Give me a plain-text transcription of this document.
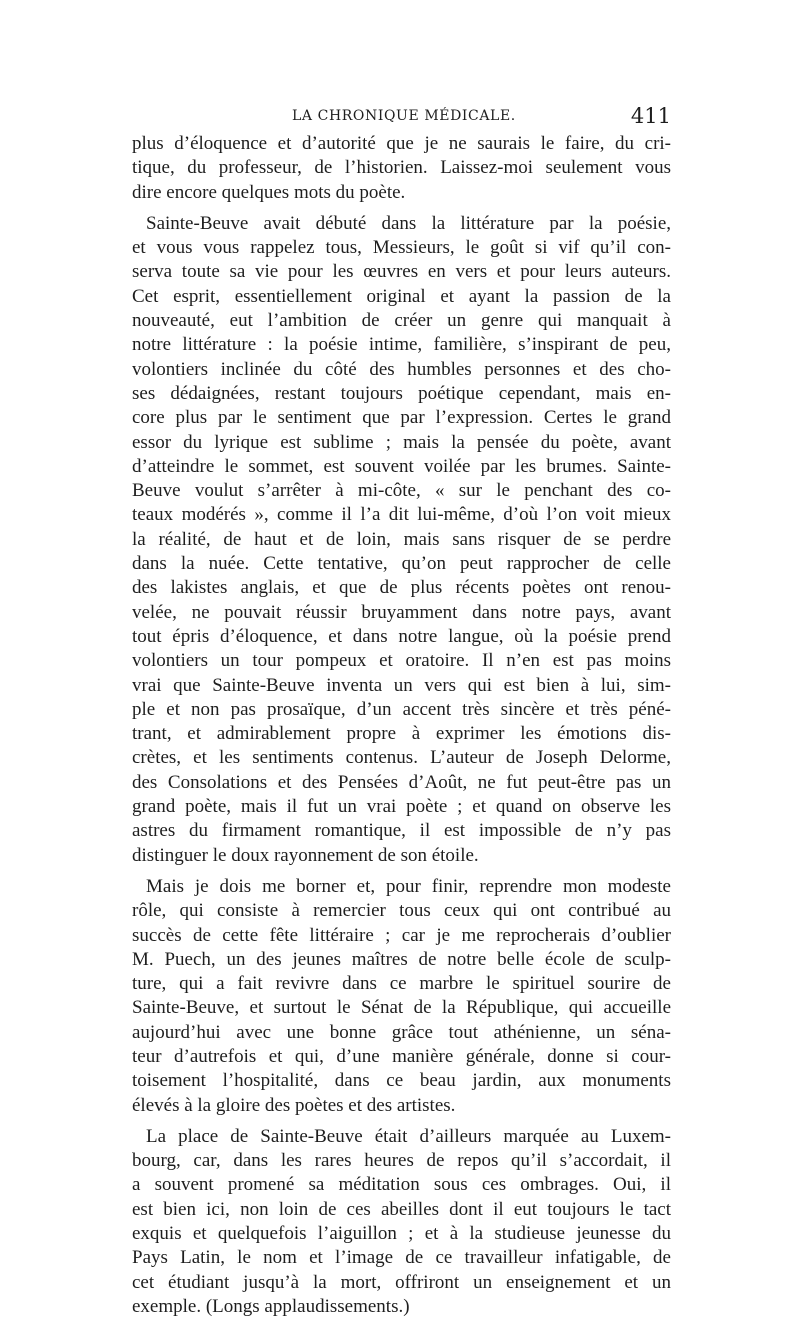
LA CHRONIQUE MÉDICALE.	411
plus d’éloquence et d’autorité que je ne saurais le faire, du cri-
tique, du professeur, de l’historien. Laissez-moi seulement vous
dire encore quelques mots du poète.
Sainte-Beuve avait débuté dans la littérature par la poésie,
et vous vous rappelez tous, Messieurs, le goût si vif qu’il con-
serva toute sa vie pour les œuvres en vers et pour leurs auteurs.
Cet esprit, essentiellement original et ayant la passion de la
nouveauté, eut l’ambition de créer un genre qui manquait à
notre littérature : la poésie intime, familière, s’inspirant de peu,
volontiers inclinée du côté des humbles personnes et des cho-
ses dédaignées, restant toujours poétique cependant, mais en-
core plus par le sentiment que par l’expression. Certes le grand
essor du lyrique est sublime ; mais la pensée du poète, avant
d’atteindre le sommet, est souvent voilée par les brumes. Sainte-
Beuve voulut s’arrêter à mi-côte, « sur le penchant des co-
teaux modérés », comme il l’a dit lui-même, d’où l’on voit mieux
la réalité, de haut et de loin, mais sans risquer de se perdre
dans la nuée. Cette tentative, qu’on peut rapprocher de celle
des lakistes anglais, et que de plus récents poètes ont renou-
velée, ne pouvait réussir bruyamment dans notre pays, avant
tout épris d’éloquence, et dans notre langue, où la poésie prend
volontiers un tour pompeux et oratoire. Il n’en est pas moins
vrai que Sainte-Beuve inventa un vers qui est bien à lui, sim-
ple et non pas prosaïque, d’un accent très sincère et très péné-
trant, et admirablement propre à exprimer les émotions dis-
crètes, et les sentiments contenus. L’auteur de Joseph Delorme,
des Consolations et des Pensées d’Août, ne fut peut-être pas un
grand poète, mais il fut un vrai poète ; et quand on observe les
astres du firmament romantique, il est impossible de n’y pas
distinguer le doux rayonnement de son étoile.
Mais je dois me borner et, pour finir, reprendre mon modeste
rôle, qui consiste à remercier tous ceux qui ont contribué au
succès de cette fête littéraire ; car je me reprocherais d’oublier
M. Puech, un des jeunes maîtres de notre belle école de sculp-
ture, qui a fait revivre dans ce marbre le spirituel sourire de
Sainte-Beuve, et surtout le Sénat de la République, qui accueille
aujourd’hui avec une bonne grâce tout athénienne, un séna-
teur d’autrefois et qui, d’une manière générale, donne si cour-
toisement l’hospitalité, dans ce beau jardin, aux monuments
élevés à la gloire des poètes et des artistes.
La place de Sainte-Beuve était d’ailleurs marquée au Luxem-
bourg, car, dans les rares heures de repos qu’il s’accordait, il
a souvent promené sa méditation sous ces ombrages. Oui, il
est bien ici, non loin de ces abeilles dont il eut toujours le tact
exquis et quelquefois l’aiguillon ; et à la studieuse jeunesse du
Pays Latin, le nom et l’image de ce travailleur infatigable, de
cet étudiant jusqu’à la mort, offriront un enseignement et un
exemple. (Longs applaudissements.)
